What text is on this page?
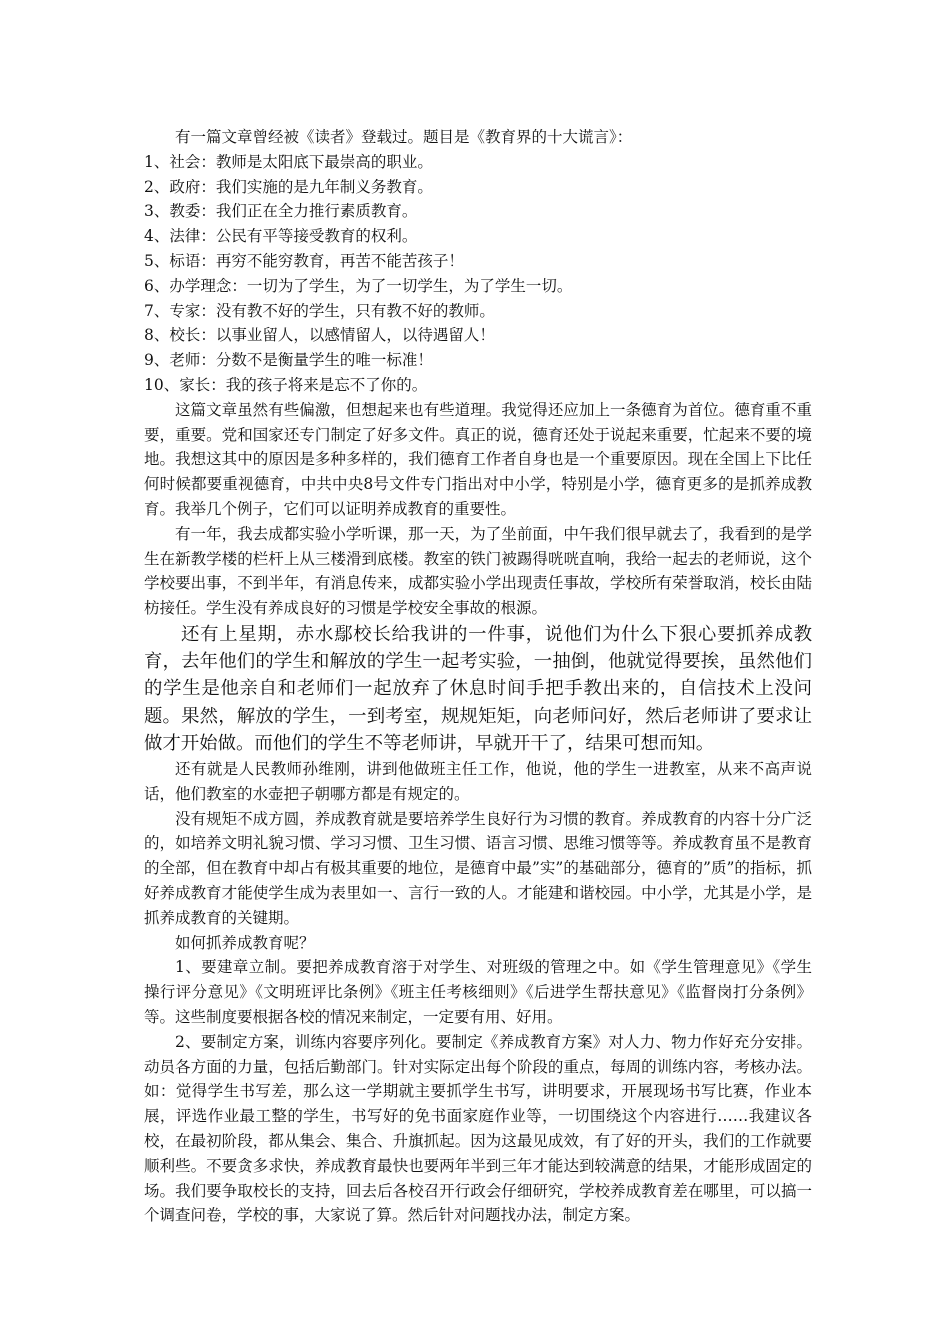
有一篇文章曾经被《读者》登载过。题目是《教育界的十大谎言》：

1、社会：教师是太阳底下最崇高的职业。

2、政府：我们实施的是九年制义务教育。

3、教委：我们正在全力推行素质教育。

4、法律：公民有平等接受教育的权利。

5、标语：再穷不能穷教育，再苦不能苦孩子！

6、办学理念：一切为了学生，为了一切学生，为了学生一切。

7、专家：没有教不好的学生，只有教不好的教师。

8、校长：以事业留人，以感情留人，以待遇留人！

9、老师：分数不是衡量学生的唯一标准！

10、家长：我的孩子将来是忘不了你的。

这篇文章虽然有些偏激，但想起来也有些道理。我觉得还应加上一条德育为首位。德育重不重要，重要。党和国家还专门制定了好多文件。真正的说，德育还处于说起来重要，忙起来不要的境地。我想这其中的原因是多种多样的，我们德育工作者自身也是一个重要原因。现在全国上下比任何时候都要重视德育，中共中央8号文件专门指出对中小学，特别是小学，德育更多的是抓养成教育。我举几个例子，它们可以证明养成教育的重要性。

有一年，我去成都实验小学听课，那一天，为了坐前面，中午我们很早就去了，我看到的是学生在新教学楼的栏杆上从三楼滑到底楼。教室的铁门被踢得咣咣直响，我给一起去的老师说，这个学校要出事，不到半年，有消息传来，成都实验小学出现责任事故，学校所有荣誉取消，校长由陆枋接任。学生没有养成良好的习惯是学校安全事故的根源。

还有上星期，赤水鄢校长给我讲的一件事，说他们为什么下狠心要抓养成教育，去年他们的学生和解放的学生一起考实验，一抽倒，他就觉得要挨，虽然他们的学生是他亲自和老师们一起放弃了休息时间手把手教出来的，自信技术上没问题。果然，解放的学生，一到考室，规规矩矩，向老师问好，然后老师讲了要求让做才开始做。而他们的学生不等老师讲，早就开干了，结果可想而知。

还有就是人民教师孙维刚，讲到他做班主任工作，他说，他的学生一进教室，从来不高声说话，他们教室的水壶把子朝哪方都是有规定的。

没有规矩不成方圆，养成教育就是要培养学生良好行为习惯的教育。养成教育的内容十分广泛的，如培养文明礼貌习惯、学习习惯、卫生习惯、语言习惯、思维习惯等等。养成教育虽不是教育的全部，但在教育中却占有极其重要的地位，是德育中最”实”的基础部分，德育的”质”的指标，抓好养成教育才能使学生成为表里如一、言行一致的人。才能建和谐校园。中小学，尤其是小学，是抓养成教育的关键期。

如何抓养成教育呢？

1、要建章立制。要把养成教育溶于对学生、对班级的管理之中。如《学生管理意见》《学生操行评分意见》《文明班评比条例》《班主任考核细则》《后进学生帮扶意见》《监督岗打分条例》等。这些制度要根据各校的情况来制定，一定要有用、好用。

2、要制定方案，训练内容要序列化。要制定《养成教育方案》对人力、物力作好充分安排。动员各方面的力量，包括后勤部门。针对实际定出每个阶段的重点，每周的训练内容，考核办法。如：觉得学生书写差，那么这一学期就主要抓学生书写，讲明要求，开展现场书写比赛，作业本展，评选作业最工整的学生，书写好的免书面家庭作业等，一切围绕这个内容进行……我建议各校，在最初阶段，都从集会、集合、升旗抓起。因为这最见成效，有了好的开头，我们的工作就要顺利些。不要贪多求快，养成教育最快也要两年半到三年才能达到较满意的结果，才能形成固定的场。我们要争取校长的支持，回去后各校召开行政会仔细研究，学校养成教育差在哪里，可以搞一个调查问卷，学校的事，大家说了算。然后针对问题找办法，制定方案。
